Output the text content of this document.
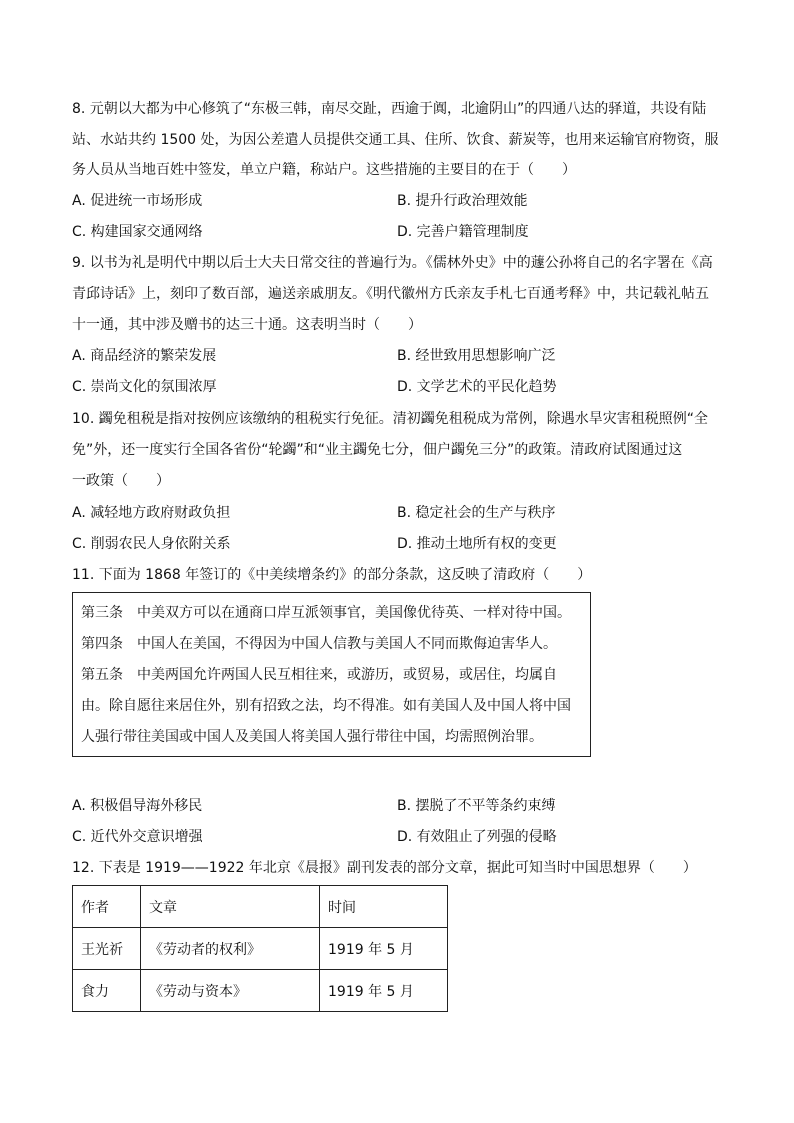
8. 元朝以大都为中心修筑了“东极三韩，南尽交趾，西逾于阗，北逾阴山”的四通八达的驿道，共设有陆
站、水站共约 1500 处，为因公差遣人员提供交通工具、住所、饮食、薪炭等，也用来运输官府物资，服
务人员从当地百姓中签发，单立户籍，称站户。这些措施的主要目的在于（　　）
A. 促进统一市场形成	B. 提升行政治理效能
C. 构建国家交通网络	D. 完善户籍管理制度
9. 以书为礼是明代中期以后士大夫日常交往的普遍行为。《儒林外史》中的蘧公孙将自己的名字署在《高
青邱诗话》上，刻印了数百部，遍送亲戚朋友。《明代徽州方氏亲友手札七百通考释》中，共记载礼帖五
十一通，其中涉及赠书的达三十通。这表明当时（　　）
A. 商品经济的繁荣发展	B. 经世致用思想影响广泛
C. 崇尚文化的氛围浓厚	D. 文学艺术的平民化趋势
10. 蠲免租税是指对按例应该缴纳的租税实行免征。清初蠲免租税成为常例，除遇水旱灾害租税照例“全
免”外，还一度实行全国各省份“轮蠲”和“业主蠲免七分，佃户蠲免三分”的政策。清政府试图通过这
一政策（　　）
A. 减轻地方政府财政负担	B. 稳定社会的生产与秩序
C. 削弱农民人身依附关系	D. 推动土地所有权的变更
11. 下面为 1868 年签订的《中美续增条约》的部分条款，这反映了清政府（　　）
第三条　中美双方可以在通商口岸互派领事官，美国像优待英、一样对待中国。
第四条　中国人在美国，不得因为中国人信教与美国人不同而欺侮迫害华人。
第五条　中美两国允许两国人民互相往来，或游历，或贸易，或居住，均属自
由。除自愿往来居住外，别有招致之法，均不得准。如有美国人及中国人将中国
人强行带往美国或中国人及美国人将美国人强行带往中国，均需照例治罪。
A. 积极倡导海外移民	B. 摆脱了不平等条约束缚
C. 近代外交意识增强	D. 有效阻止了列强的侵略
12. 下表是 1919——1922 年北京《晨报》副刊发表的部分文章，据此可知当时中国思想界（　　）
作者	文章	时间
王光祈	《劳动者的权利》	1919 年 5 月
食力	《劳动与资本》	1919 年 5 月
